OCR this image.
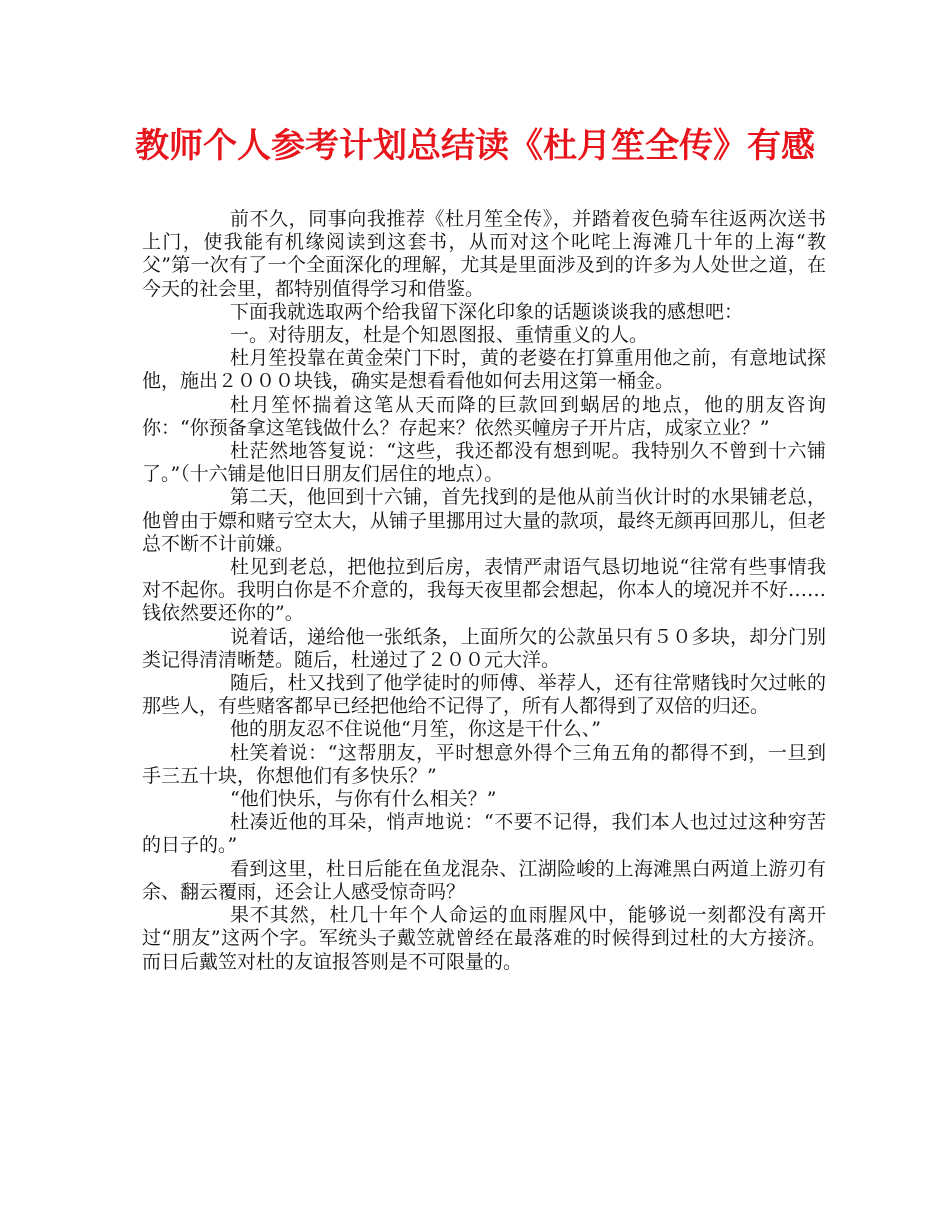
教师个人参考计划总结读《杜月笙全传》有感

前不久，同事向我推荐《杜月笙全传》，并踏着夜色骑车往返两次送书上门，使我能有机缘阅读到这套书，从而对这个叱咤上海滩几十年的上海“教父”第一次有了一个全面深化的理解，尤其是里面涉及到的许多为人处世之道，在今天的社会里，都特别值得学习和借鉴。

下面我就选取两个给我留下深化印象的话题谈谈我的感想吧：

一。对待朋友，杜是个知恩图报、重情重义的人。

杜月笙投靠在黄金荣门下时，黄的老婆在打算重用他之前，有意地试探他，施出２０００块钱，确实是想看看他如何去用这第一桶金。

杜月笙怀揣着这笔从天而降的巨款回到蜗居的地点，他的朋友咨询你：“你预备拿这笔钱做什么？存起来？依然买幢房子开片店，成家立业？”

杜茫然地答复说：“这些，我还都没有想到呢。我特别久不曾到十六铺了。”（十六铺是他旧日朋友们居住的地点）。

第二天，他回到十六铺，首先找到的是他从前当伙计时的水果铺老总，他曾由于嫖和赌亏空太大，从铺子里挪用过大量的款项，最终无颜再回那儿，但老总不断不计前嫌。

杜见到老总，把他拉到后房，表情严肃语气恳切地说“往常有些事情我对不起你。我明白你是不介意的，我每天夜里都会想起，你本人的境况并不好……钱依然要还你的”。

说着话，递给他一张纸条，上面所欠的公款虽只有５０多块，却分门别类记得清清晰楚。随后，杜递过了２００元大洋。

随后，杜又找到了他学徒时的师傅、举荐人，还有往常赌钱时欠过帐的那些人，有些赌客都早已经把他给不记得了，所有人都得到了双倍的归还。

他的朋友忍不住说他“月笙，你这是干什么、”

杜笑着说：“这帮朋友，平时想意外得个三角五角的都得不到，一旦到手三五十块，你想他们有多快乐？”

“他们快乐，与你有什么相关？”

杜凑近他的耳朵，悄声地说：“不要不记得，我们本人也过过这种穷苦的日子的。”

看到这里，杜日后能在鱼龙混杂、江湖险峻的上海滩黑白两道上游刃有余、翻云覆雨，还会让人感受惊奇吗？

果不其然，杜几十年个人命运的血雨腥风中，能够说一刻都没有离开过“朋友”这两个字。军统头子戴笠就曾经在最落难的时候得到过杜的大方接济。而日后戴笠对杜的友谊报答则是不可限量的。
